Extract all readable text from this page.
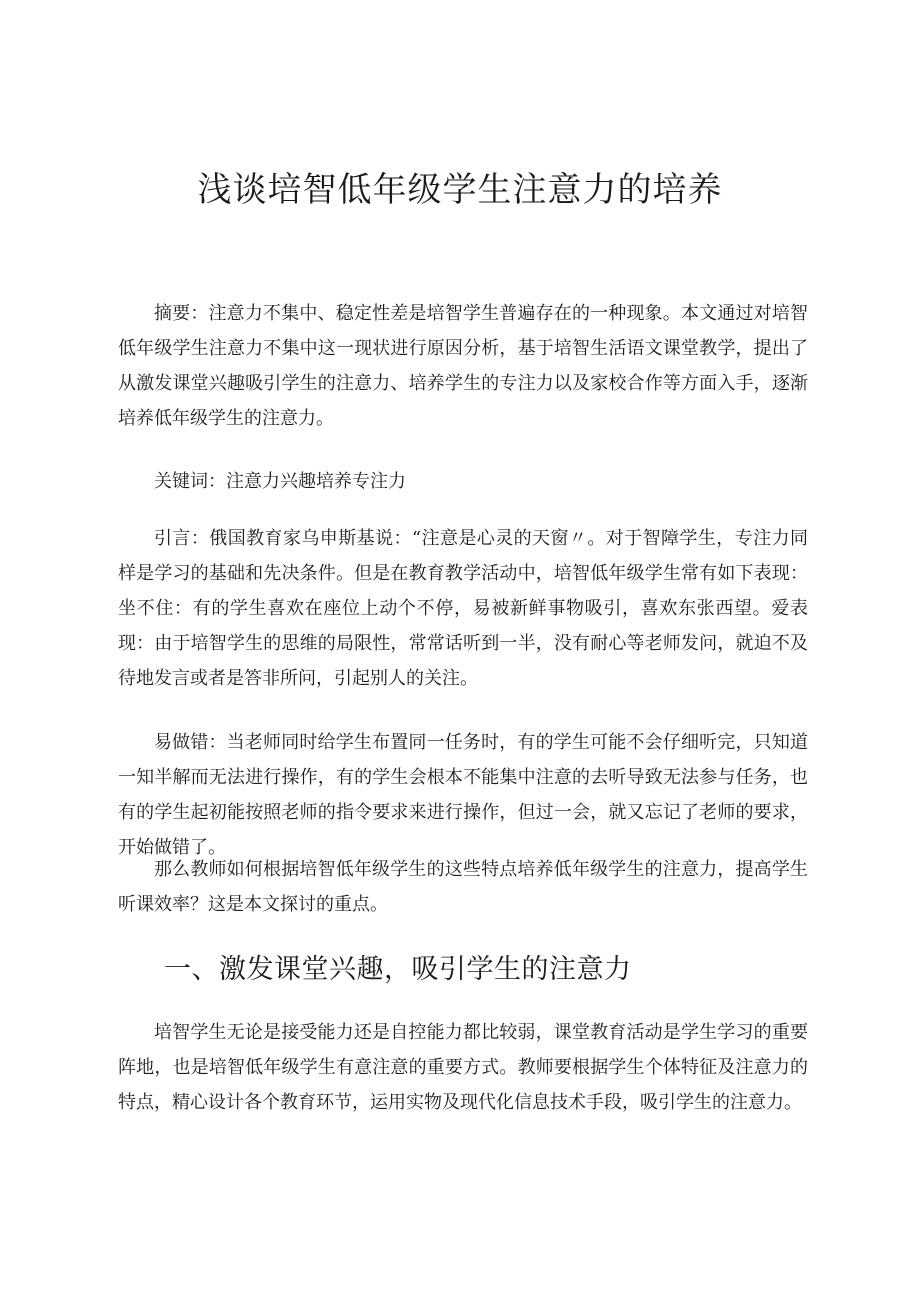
浅谈培智低年级学生注意力的培养

摘要：注意力不集中、稳定性差是培智学生普遍存在的一种现象。本文通过对培智低年级学生注意力不集中这一现状进行原因分析，基于培智生活语文课堂教学，提出了从激发课堂兴趣吸引学生的注意力、培养学生的专注力以及家校合作等方面入手，逐渐培养低年级学生的注意力。

关键词：注意力兴趣培养专注力

引言：俄国教育家乌申斯基说：“注意是心灵的天窗〃。对于智障学生，专注力同样是学习的基础和先决条件。但是在教育教学活动中，培智低年级学生常有如下表现：坐不住：有的学生喜欢在座位上动个不停，易被新鲜事物吸引，喜欢东张西望。爱表现：由于培智学生的思维的局限性，常常话听到一半，没有耐心等老师发问，就迫不及待地发言或者是答非所问，引起别人的关注。

易做错：当老师同时给学生布置同一任务时，有的学生可能不会仔细听完，只知道一知半解而无法进行操作，有的学生会根本不能集中注意的去听导致无法参与任务，也有的学生起初能按照老师的指令要求来进行操作，但过一会，就又忘记了老师的要求，开始做错了。

那么教师如何根据培智低年级学生的这些特点培养低年级学生的注意力，提高学生听课效率？这是本文探讨的重点。

一、激发课堂兴趣，吸引学生的注意力

培智学生无论是接受能力还是自控能力都比较弱，课堂教育活动是学生学习的重要阵地，也是培智低年级学生有意注意的重要方式。教师要根据学生个体特征及注意力的特点，精心设计各个教育环节，运用实物及现代化信息技术手段，吸引学生的注意力。
